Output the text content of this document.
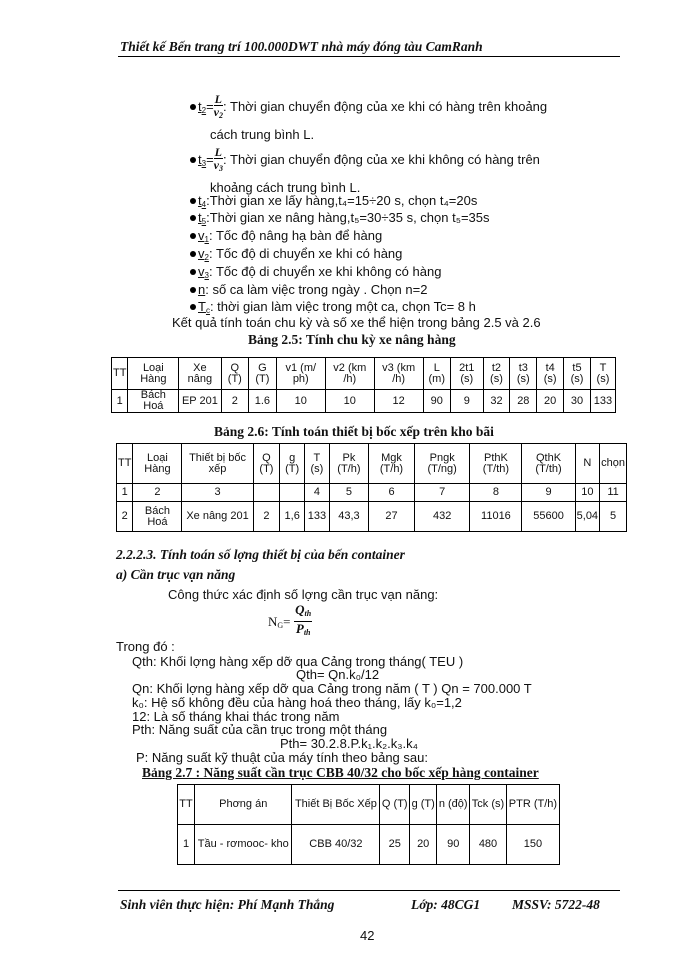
Thiết kế Bến trang trí 100.000DWT nhà máy đóng tàu CamRanh
$t_2= \frac{L}{v_2}$ : Thời gian chuyển động của xe khi có hàng trên khoảng
cách trung bình L.
$t_3= \frac{L}{v_3}$ : Thời gian chuyển động của xe khi không có hàng trên
khoảng cách trung bình L.
$t_4:Thời$ gian xe lấy hàng,t₄=15÷20 s, chọn t₄=20s
$t_5:Thời$ gian xe nâng hàng,t₅=30÷35 s, chọn t₅=35s
$v_1$: Tốc độ nâng hạ bàn để hàng
$v_2$: Tốc độ di chuyển xe khi có hàng
$v_3$: Tốc độ di chuyển xe khi không có hàng
n: số ca làm việc trong ngày . Chọn n=2
$T_c$: thời gian làm việc trong một ca, chọn Tc= 8 h
Kết quả tính toán chu kỳ và số xe thể hiện trong bảng 2.5 và 2.6
Bảng 2.5: Tính chu kỳ xe nâng hàng
TT	Loại Hàng	Xe nâng	Q (T)	G (T)	v1 (m/ ph)	v2 (km /h)	v3 (km /h)	L (m)	2t1 (s)	t2 (s)	t3 (s)	t4 (s)	t5 (s)	T (s)
1	Bách Hoá	EP 201	2	1.6	10	10	12	90	9	32	28	20	30	133
Bảng 2.6: Tính toán thiết bị bốc xếp trên kho bãi
TT	Loại Hàng	Thiết bị bốc xếp	Q (T)	g (T)	T (s)	Pk (T/h)	Mgk (T/h)	Pngk (T/ng)	PthK (T/th)	QthK (T/th)	N	chọn
1	2	3			4	5	6	7	8	9	10	11
2	Bách Hoá	Xe nâng 201	2	1,6	133	43,3	27	432	11016	55600	5,04	5
2.2.2.3. Tính toán số lợng thiết bị của bến container
a) Cần trục vạn năng
Công thức xác định số lợng cần trục vạn năng:
$N_G= \frac{Q_{th}}{P_{th}}$
Trong đó :
Qth: Khối lợng hàng xếp dỡ qua Cảng trong tháng( TEU )
Qth= Qn.k₀/12
Qn: Khối lợng hàng xếp dỡ qua Cảng trong năm ( T ) Qn = 700.000 T
k₀: Hệ số không đều của hàng hoá theo tháng, lấy k₀=1,2
12: Là số tháng khai thác trong năm
Pth: Năng suất của cần trục trong một tháng
Pth= 30.2.8.P.k₁.k₂.k₃.k₄
P: Năng suất kỹ thuật của máy tính theo bảng sau:
Bảng 2.7 : Năng suất cần trục CBB 40/32 cho bốc xếp hàng container
TT	Phơng án	Thiết Bị Bốc Xếp	Q (T)	g (T)	n (độ)	Tck (s)	PTR (T/h)
1	Tầu - rơmooc- kho	CBB 40/32	25	20	90	480	150
Sinh viên thực hiện: Phí Mạnh Thắng	Lớp: 48CG1 MSSV: 5722-48
42
